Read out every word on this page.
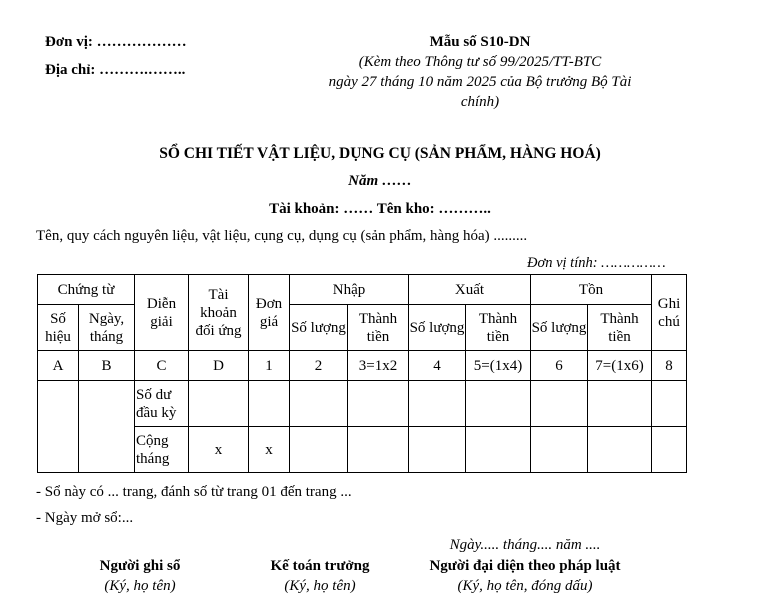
Đơn vị: ………………
Địa chỉ: ……….……..
Mẫu số S10-DN
(Kèm theo Thông tư số 99/2025/TT-BTC
ngày 27 tháng 10 năm 2025 của Bộ trưởng Bộ Tài
chính)
SỔ CHI TIẾT VẬT LIỆU, DỤNG CỤ (SẢN PHẨM, HÀNG HOÁ)
Năm ……
Tài khoản: …… Tên kho: ………..
Tên, quy cách nguyên liệu, vật liệu, cụng cụ, dụng cụ (sản phẩm, hàng hóa) .........
Đơn vị tính: ……………
Chứng từ		Diễn giải	Tài khoản đối ứng	Đơn giá	Nhập		Xuất		Tồn		Ghi chú
Số hiệu	Ngày, tháng				Số lượng	Thành tiền	Số lượng	Thành tiền	Số lượng	Thành tiền	
A	B	C	D	1	2	3=1x2	4	5=(1x4)	6	7=(1x6)	8
		Số dư đầu kỳ									
		Cộng tháng	x	x							
- Sổ này có ... trang, đánh số từ trang 01 đến trang ...
- Ngày mở sổ:...
Ngày..... tháng.... năm ....
Người ghi sổ
(Ký, họ tên)
Kế toán trưởng
(Ký, họ tên)
Người đại diện theo pháp luật
(Ký, họ tên, đóng dấu)
